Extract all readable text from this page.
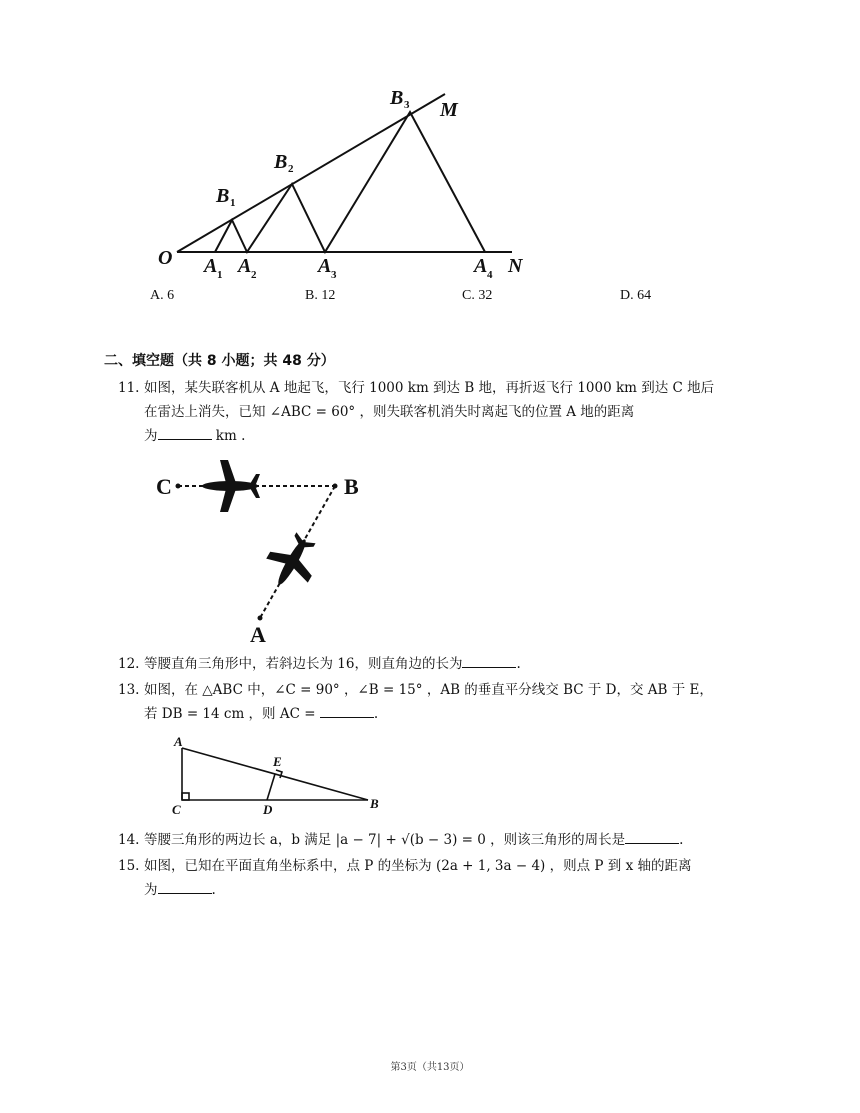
O
M
N
B
B
B
A A	A	A
1
2
3
1	2	3	4
A. 6	B. 12	C. 32	D. 64
二、填空题（共 8 小题；共 48 分）
11. 如图，某失联客机从 A 地起飞，飞行 1000 km 到达 B 地，再折返飞行 1000 km 到达 C 地后
在雷达上消失，已知 ∠ABC = 60° ，则失联客机消失时离起飞的位置 A 地的距离
为	km .
C	B
A
12. 等腰直角三角形中，若斜边长为 16，则直角边的长为	.
13. 如图，在 △ABC 中，∠C = 90° ，∠B = 15° ，AB 的垂直平分线交 BC 于 D，交 AB 于 E，
若 DB = 14 cm ，则 AC =	.
A
C	D
E
B
14. 等腰三角形的两边长 a，b 满足 |a − 7| + √(b − 3) = 0 ，则该三角形的周长是	.
15. 如图，已知在平面直角坐标系中，点 P 的坐标为 (2a + 1, 3a − 4) ，则点 P 到 x 轴的距离
为	.
第3页（共13页）
